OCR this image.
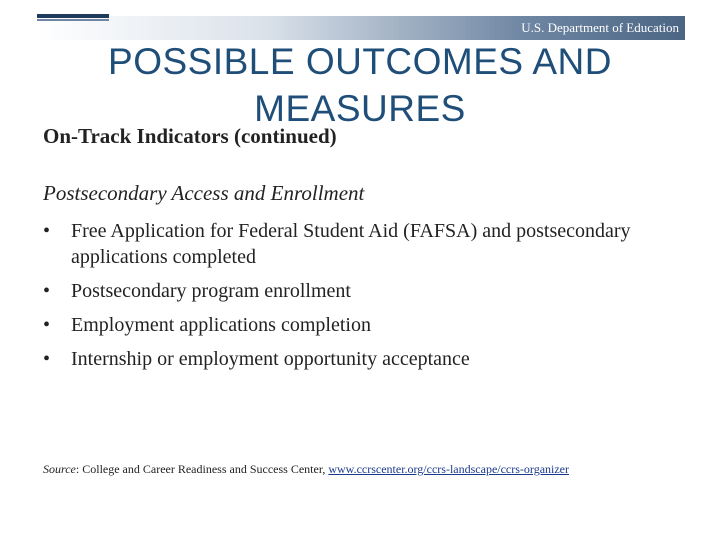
U.S. Department of Education
POSSIBLE OUTCOMES AND MEASURES
On-Track Indicators (continued)
Postsecondary Access and Enrollment
• Free Application for Federal Student Aid (FAFSA) and postsecondary applications completed
• Postsecondary program enrollment
• Employment applications completion
• Internship or employment opportunity acceptance
Source: College and Career Readiness and Success Center, www.ccrscenter.org/ccrs-landscape/ccrs-organizer
